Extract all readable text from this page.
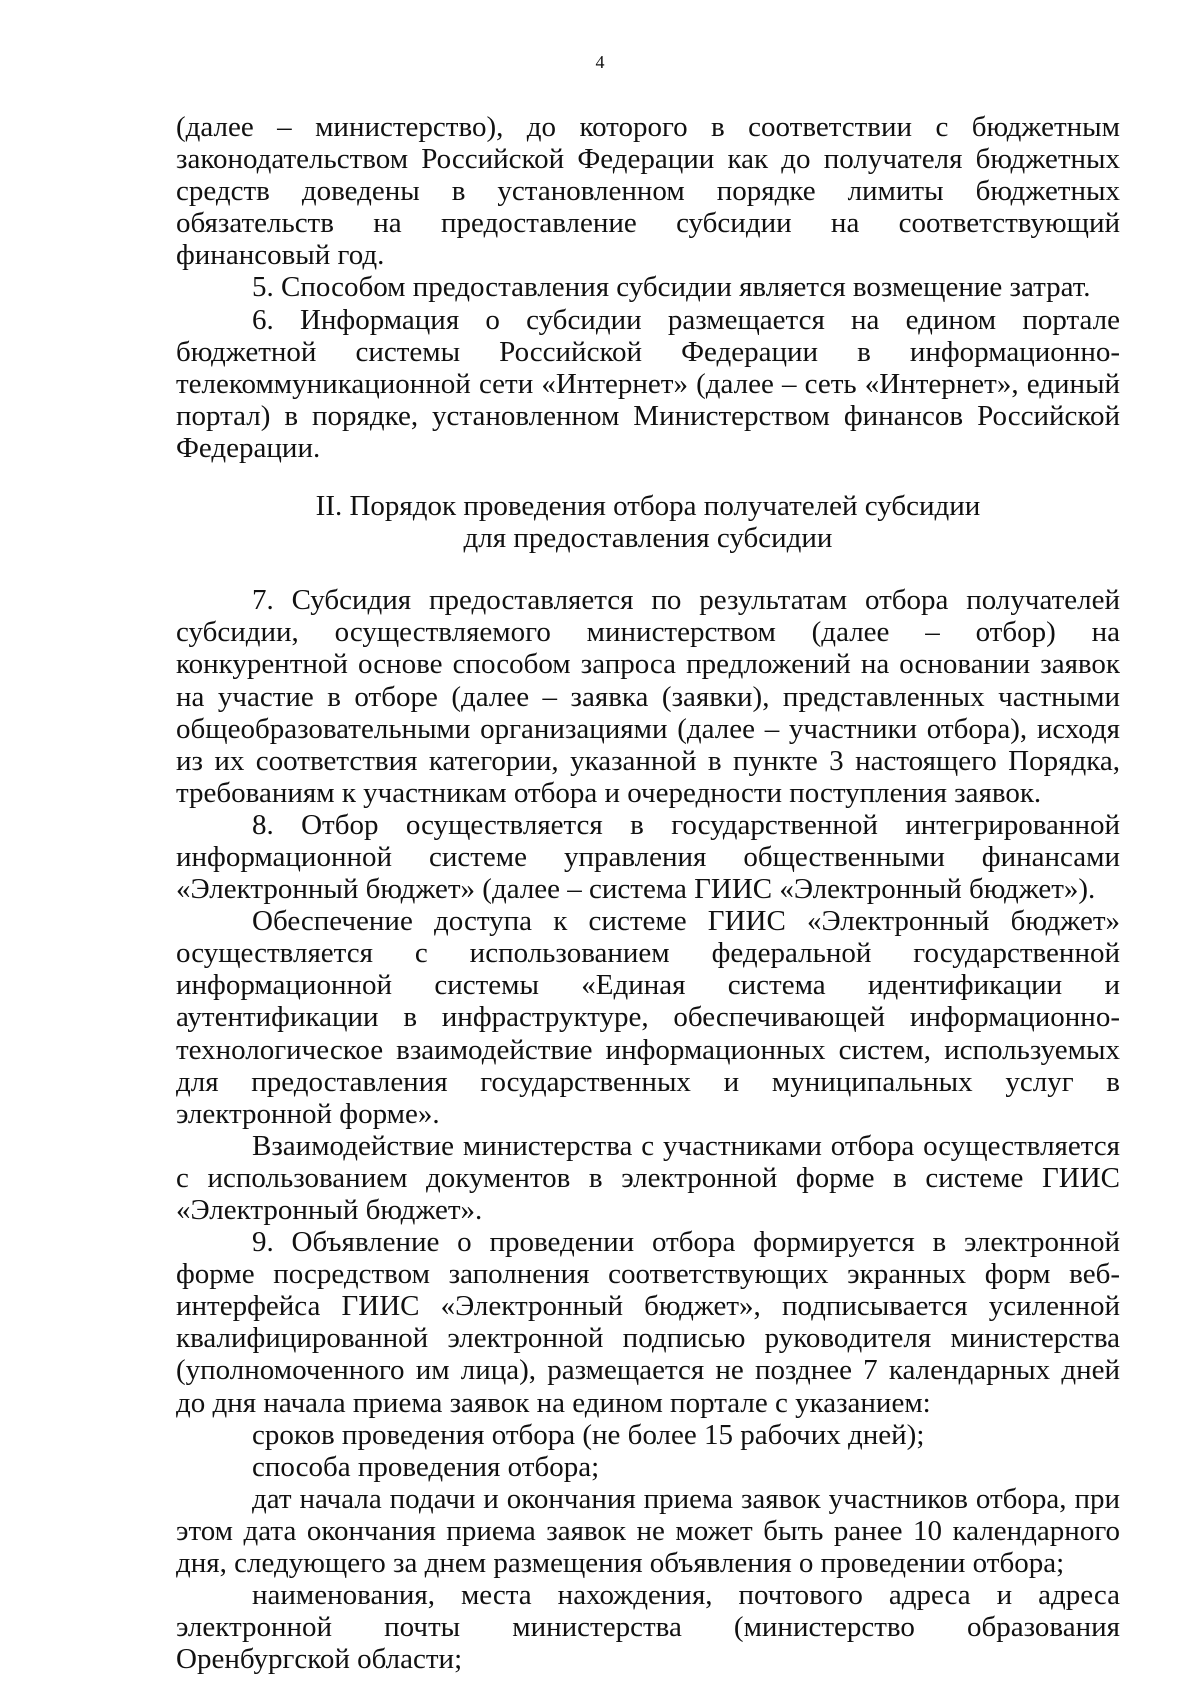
4

(далее – министерство), до которого в соответствии с бюджетным законодательством Российской Федерации как до получателя бюджетных средств доведены в установленном порядке лимиты бюджетных обязательств на предоставление субсидии на соответствующий финансовый год.

5. Способом предоставления субсидии является возмещение затрат.

6. Информация о субсидии размещается на едином портале бюджетной системы Российской Федерации в информационно-телекоммуникационной сети «Интернет» (далее – сеть «Интернет», единый портал) в порядке, установленном Министерством финансов Российской Федерации.

II. Порядок проведения отбора получателей субсидии
для предоставления субсидии

7. Субсидия предоставляется по результатам отбора получателей субсидии, осуществляемого министерством (далее – отбор) на конкурентной основе способом запроса предложений на основании заявок на участие в отборе (далее – заявка (заявки), представленных частными общеобразовательными организациями (далее – участники отбора), исходя из их соответствия категории, указанной в пункте 3 настоящего Порядка, требованиям к участникам отбора и очередности поступления заявок.

8. Отбор осуществляется в государственной интегрированной информационной системе управления общественными финансами «Электронный бюджет» (далее – система ГИИС «Электронный бюджет»).

Обеспечение доступа к системе ГИИС «Электронный бюджет» осуществляется с использованием федеральной государственной информационной системы «Единая система идентификации и аутентификации в инфраструктуре, обеспечивающей информационно-технологическое взаимодействие информационных систем, используемых для предоставления государственных и муниципальных услуг в электронной форме».

Взаимодействие министерства с участниками отбора осуществляется с использованием документов в электронной форме в системе ГИИС «Электронный бюджет».

9. Объявление о проведении отбора формируется в электронной форме посредством заполнения соответствующих экранных форм веб-интерфейса ГИИС «Электронный бюджет», подписывается усиленной квалифицированной электронной подписью руководителя министерства (уполномоченного им лица), размещается не позднее 7 календарных дней до дня начала приема заявок на едином портале с указанием:

сроков проведения отбора (не более 15 рабочих дней);

способа проведения отбора;

дат начала подачи и окончания приема заявок участников отбора, при этом дата окончания приема заявок не может быть ранее 10 календарного дня, следующего за днем размещения объявления о проведении отбора;

наименования, места нахождения, почтового адреса и адреса электронной почты министерства (министерство образования Оренбургской области;
